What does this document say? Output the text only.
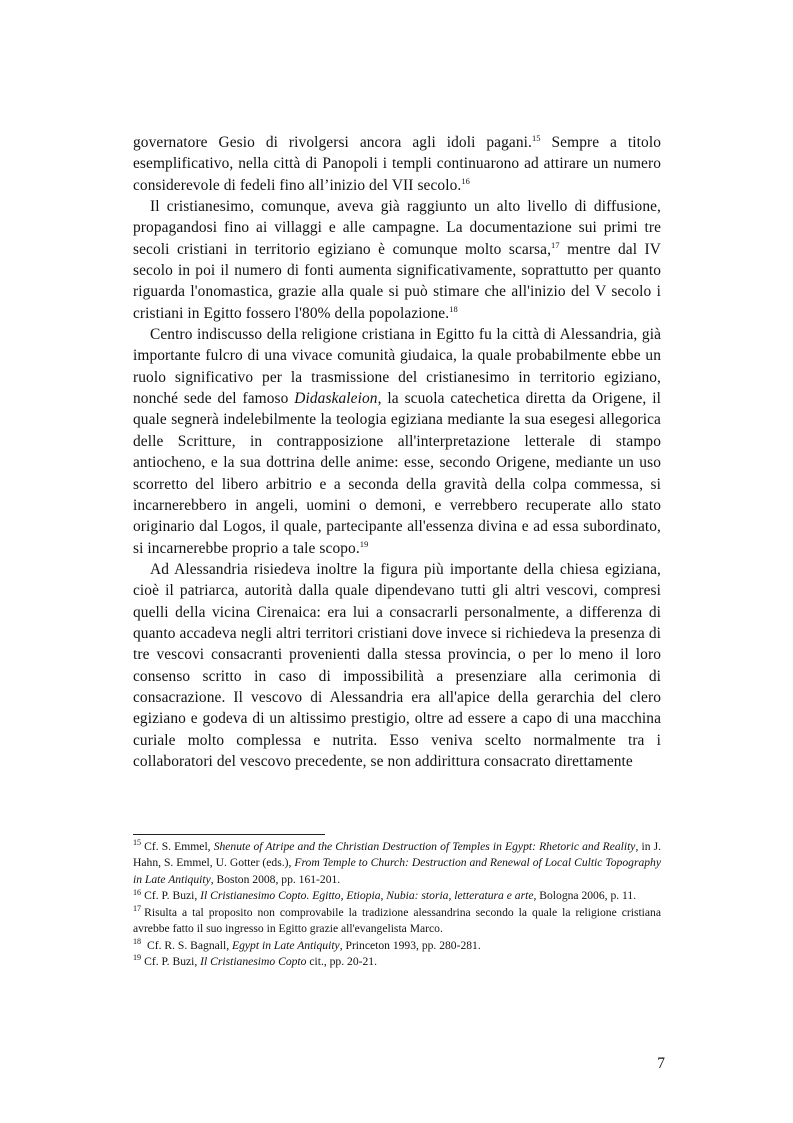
governatore Gesio di rivolgersi ancora agli idoli pagani.$^{15}$ Sempre a titolo esemplificativo, nella città di Panopoli i templi continuarono ad attirare un numero considerevole di fedeli fino all’inizio del VII secolo.$^{16}$

Il cristianesimo, comunque, aveva già raggiunto un alto livello di diffusione, propagandosi fino ai villaggi e alle campagne. La documentazione sui primi tre secoli cristiani in territorio egiziano è comunque molto scarsa,$^{17}$ mentre dal IV secolo in poi il numero di fonti aumenta significativamente, soprattutto per quanto riguarda l'onomastica, grazie alla quale si può stimare che all'inizio del V secolo i cristiani in Egitto fossero l'80% della popolazione.$^{18}$

Centro indiscusso della religione cristiana in Egitto fu la città di Alessandria, già importante fulcro di una vivace comunità giudaica, la quale probabilmente ebbe un ruolo significativo per la trasmissione del cristianesimo in territorio egiziano, nonché sede del famoso Didaskaleion, la scuola catechetica diretta da Origene, il quale segnerà indelebilmente la teologia egiziana mediante la sua esegesi allegorica delle Scritture, in contrapposizione all'interpretazione letterale di stampo antiocheno, e la sua dottrina delle anime: esse, secondo Origene, mediante un uso scorretto del libero arbitrio e a seconda della gravità della colpa commessa, si incarnerebbero in angeli, uomini o demoni, e verrebbero recuperate allo stato originario dal Logos, il quale, partecipante all'essenza divina e ad essa subordinato, si incarnerebbe proprio a tale scopo.$^{19}$

Ad Alessandria risiedeva inoltre la figura più importante della chiesa egiziana, cioè il patriarca, autorità dalla quale dipendevano tutti gli altri vescovi, compresi quelli della vicina Cirenaica: era lui a consacrarli personalmente, a differenza di quanto accadeva negli altri territori cristiani dove invece si richiedeva la presenza di tre vescovi consacranti provenienti dalla stessa provincia, o per lo meno il loro consenso scritto in caso di impossibilità a presenziare alla cerimonia di consacrazione. Il vescovo di Alessandria era all'apice della gerarchia del clero egiziano e godeva di un altissimo prestigio, oltre ad essere a capo di una macchina curiale molto complessa e nutrita. Esso veniva scelto normalmente tra i collaboratori del vescovo precedente, se non addirittura consacrato direttamente

$^{15}$ Cf. S. Emmel, Shenute of Atripe and the Christian Destruction of Temples in Egypt: Rhetoric and Reality, in J. Hahn, S. Emmel, U. Gotter (eds.), From Temple to Church: Destruction and Renewal of Local Cultic Topography in Late Antiquity, Boston 2008, pp. 161-201.

$^{16}$ Cf. P. Buzi, Il Cristianesimo Copto. Egitto, Etiopia, Nubia: storia, letteratura e arte, Bologna 2006, p. 11.

$^{17}$ Risulta a tal proposito non comprovabile la tradizione alessandrina secondo la quale la religione cristiana avrebbe fatto il suo ingresso in Egitto grazie all'evangelista Marco.

$^{18}$ Cf. R. S. Bagnall, Egypt in Late Antiquity, Princeton 1993, pp. 280-281.

$^{19}$ Cf. P. Buzi, Il Cristianesimo Copto cit., pp. 20-21.

7
